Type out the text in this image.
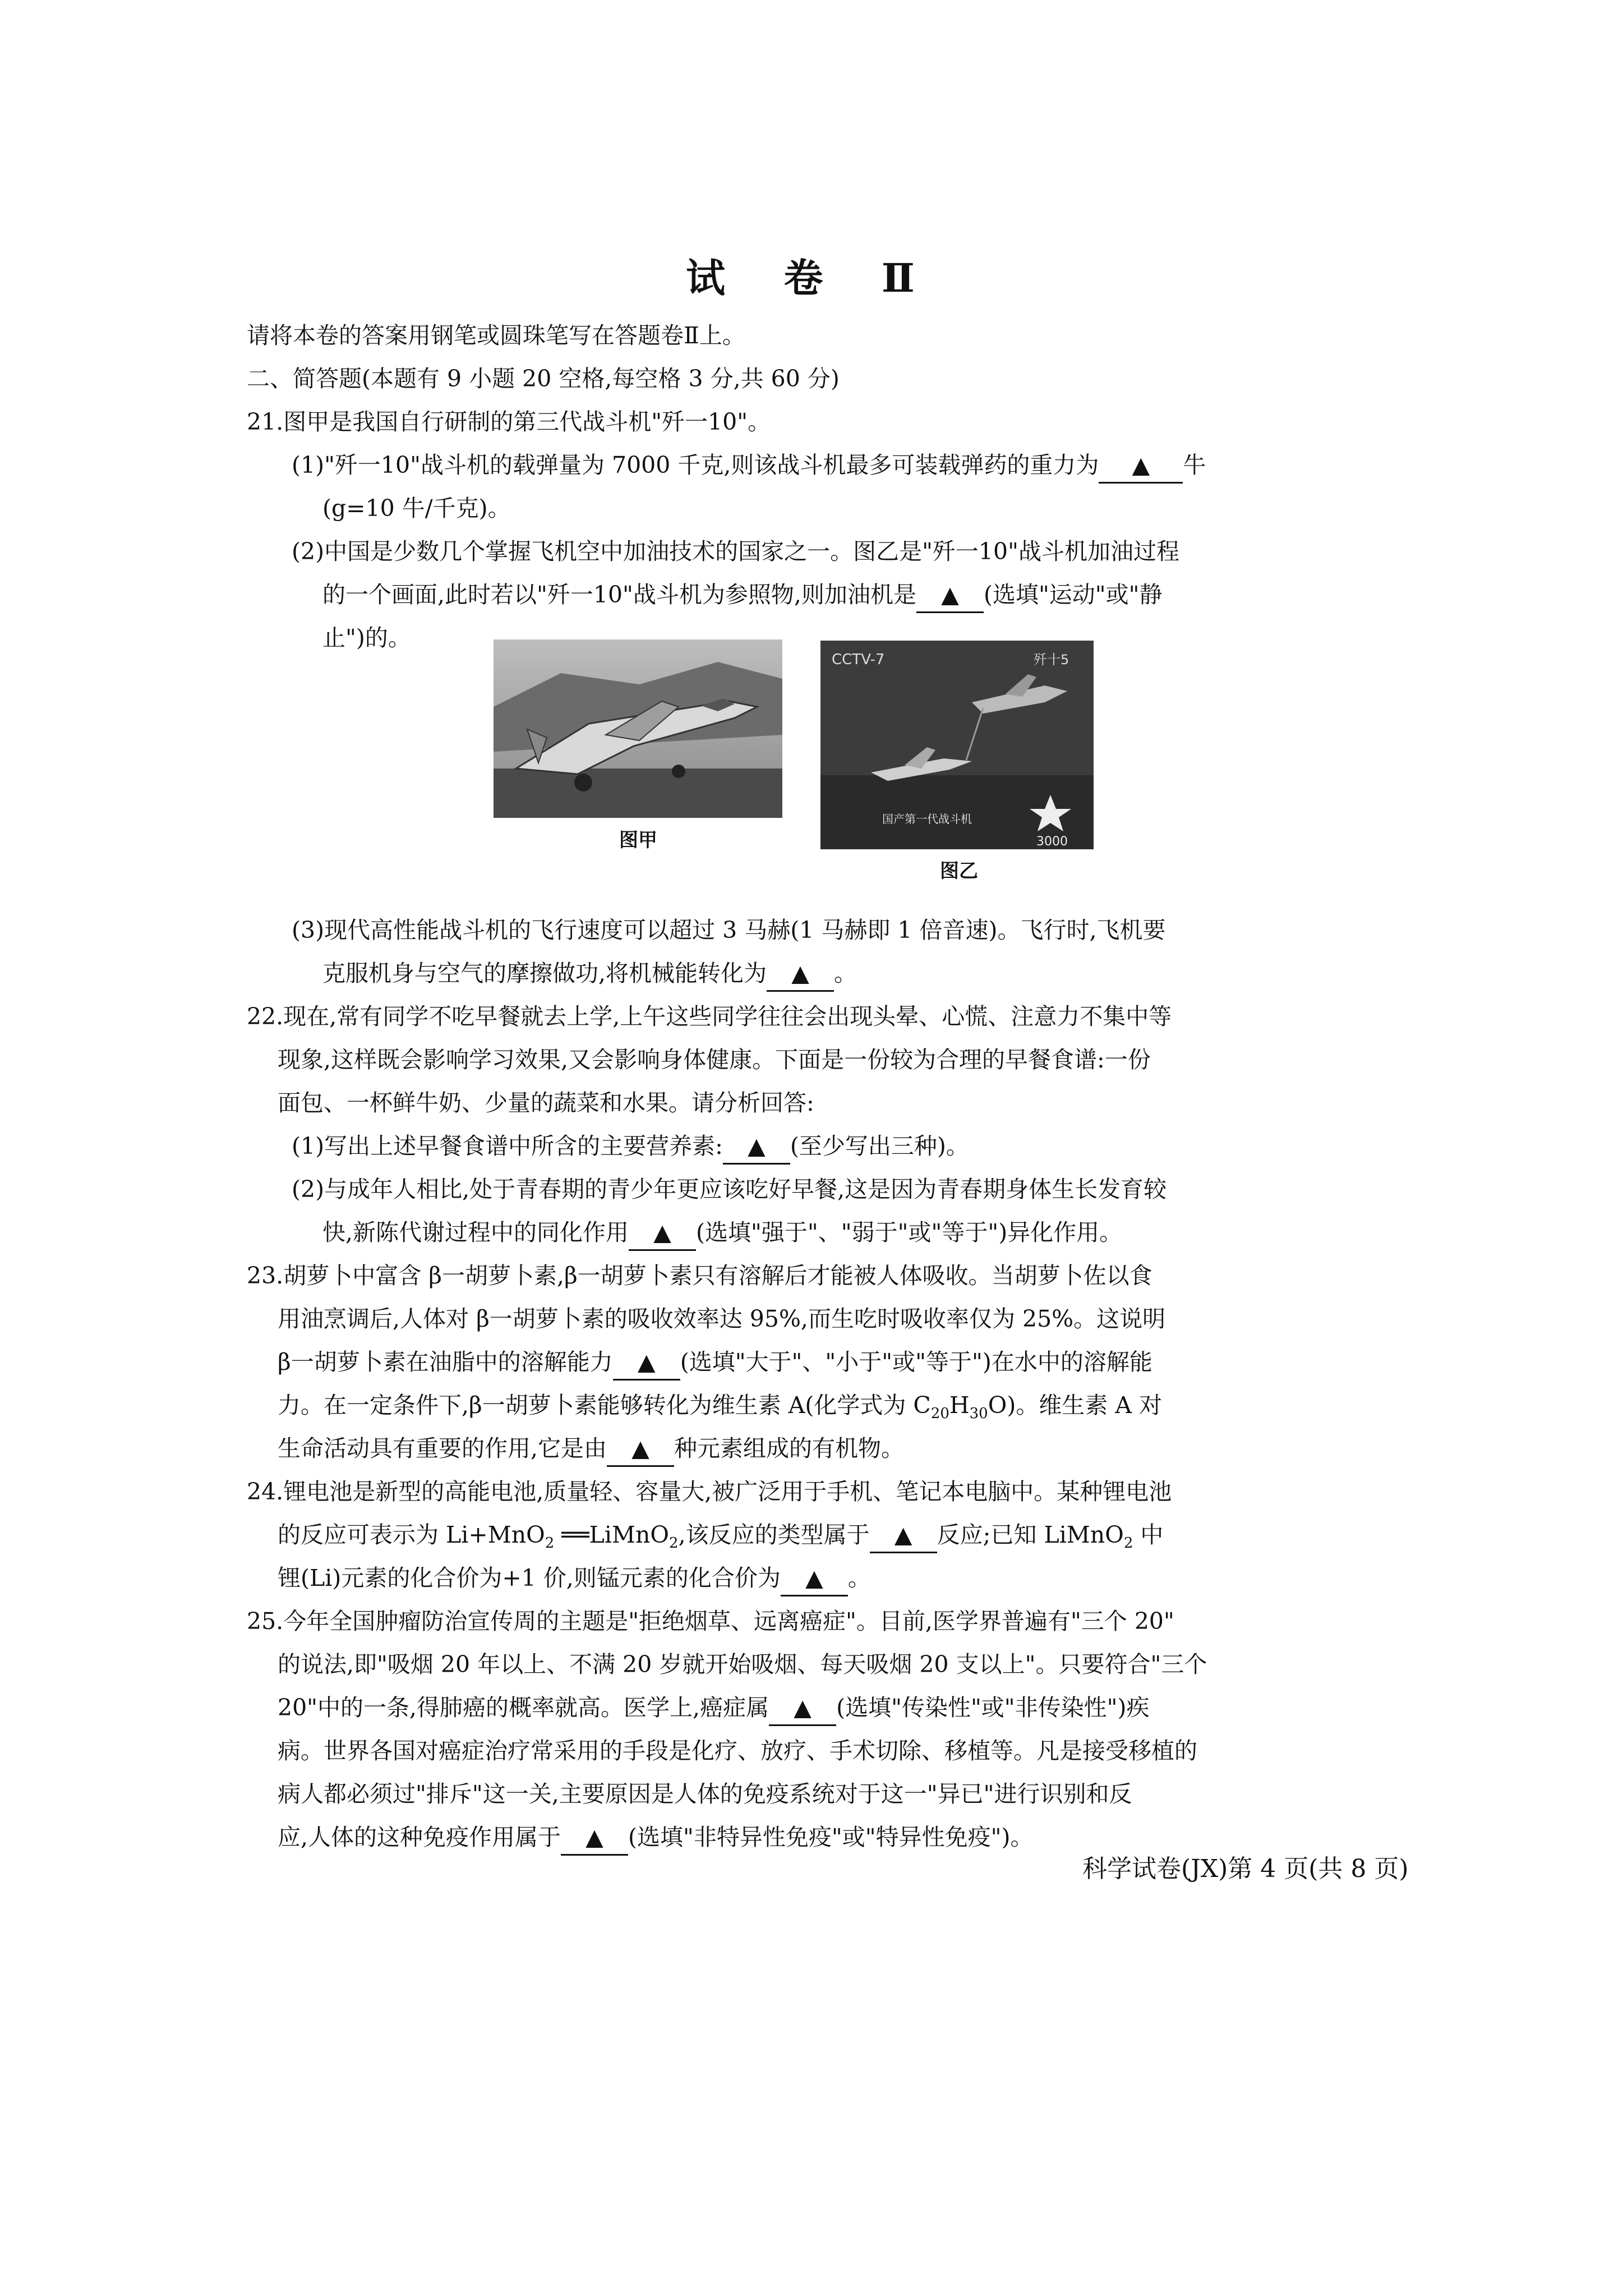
试 卷 Ⅱ
请将本卷的答案用钢笔或圆珠笔写在答题卷Ⅱ上。
二、简答题(本题有 9 小题 20 空格,每空格 3 分,共 60 分)
21.图甲是我国自行研制的第三代战斗机"歼一10"。
(1)"歼一10"战斗机的载弹量为 7000 千克,则该战斗机最多可装载弹药的重力为 ▲ 牛
(g=10 牛/千克)。
(2)中国是少数几个掌握飞机空中加油技术的国家之一。图乙是"歼一10"战斗机加油过程
的一个画面,此时若以"歼一10"战斗机为参照物,则加油机是 ▲ (选填"运动"或"静
止")的。
图甲
CCTV-7	歼十5
国产第一代战斗机
3000
图乙
(3)现代高性能战斗机的飞行速度可以超过 3 马赫(1 马赫即 1 倍音速)。飞行时,飞机要
克服机身与空气的摩擦做功,将机械能转化为 ▲ 。
22.现在,常有同学不吃早餐就去上学,上午这些同学往往会出现头晕、心慌、注意力不集中等
现象,这样既会影响学习效果,又会影响身体健康。下面是一份较为合理的早餐食谱:一份
面包、一杯鲜牛奶、少量的蔬菜和水果。请分析回答:
(1)写出上述早餐食谱中所含的主要营养素: ▲ (至少写出三种)。
(2)与成年人相比,处于青春期的青少年更应该吃好早餐,这是因为青春期身体生长发育较
快,新陈代谢过程中的同化作用 ▲ (选填"强于"、"弱于"或"等于")异化作用。
23.胡萝卜中富含 β一胡萝卜素,β一胡萝卜素只有溶解后才能被人体吸收。当胡萝卜佐以食
用油烹调后,人体对 β一胡萝卜素的吸收效率达 95%,而生吃时吸收率仅为 25%。这说明
β一胡萝卜素在油脂中的溶解能力 ▲ (选填"大于"、"小于"或"等于")在水中的溶解能
力。在一定条件下,β一胡萝卜素能够转化为维生素 A(化学式为 $C_{20}H_{30}O$)。维生素 A 对
生命活动具有重要的作用,它是由 ▲ 种元素组成的有机物。
24.锂电池是新型的高能电池,质量轻、容量大,被广泛用于手机、笔记本电脑中。某种锂电池
的反应可表示为 Li+MnO$_2$ ══LiMnO$_2$,该反应的类型属于 ▲ 反应;已知 LiMnO$_2$ 中
锂(Li)元素的化合价为+1 价,则锰元素的化合价为 ▲ 。
25.今年全国肿瘤防治宣传周的主题是"拒绝烟草、远离癌症"。目前,医学界普遍有"三个 20"
的说法,即"吸烟 20 年以上、不满 20 岁就开始吸烟、每天吸烟 20 支以上"。只要符合"三个
20"中的一条,得肺癌的概率就高。医学上,癌症属 ▲ (选填"传染性"或"非传染性")疾
病。世界各国对癌症治疗常采用的手段是化疗、放疗、手术切除、移植等。凡是接受移植的
病人都必须过"排斥"这一关,主要原因是人体的免疫系统对于这一"异已"进行识别和反
应,人体的这种免疫作用属于 ▲ (选填"非特异性免疫"或"特异性免疫")。
科学试卷(JX)第 4 页(共 8 页)
